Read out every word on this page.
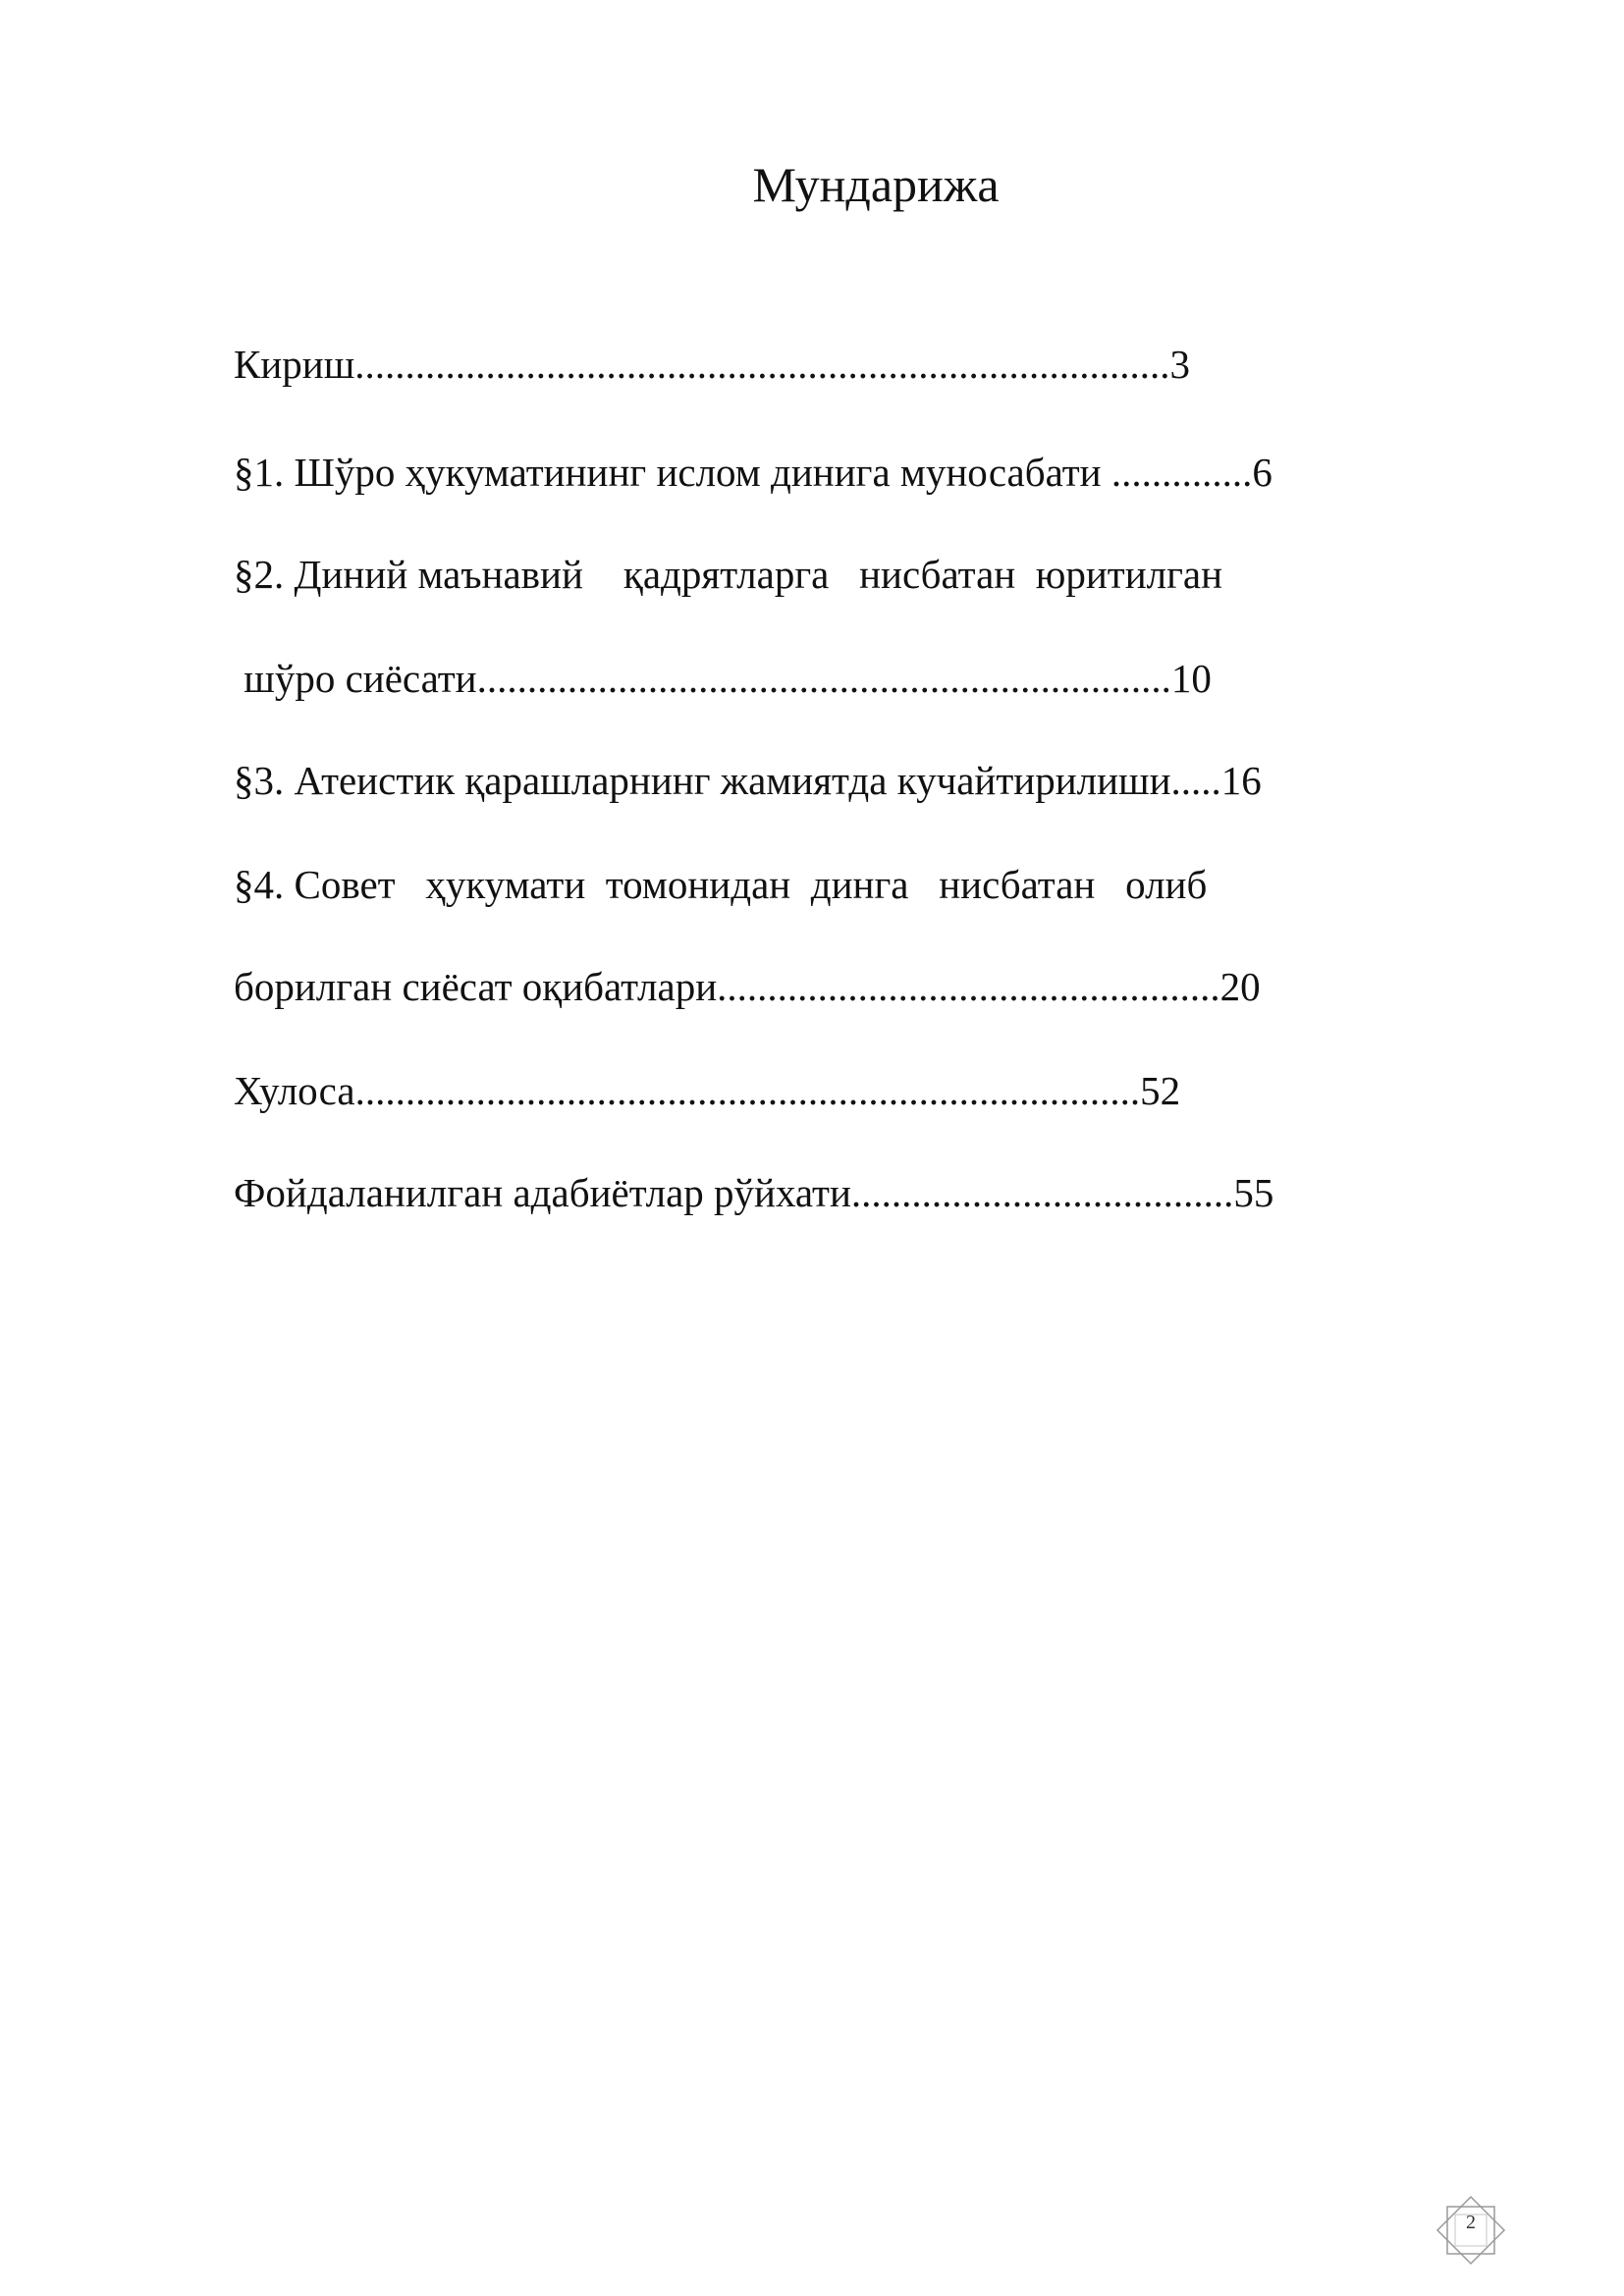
Мундарижа
Кириш.................................................................................3
§1. Шўро ҳукуматининг ислом динига муносабати ..............6
§2. Диний маънавий    қадрятларга   нисбатан  юритилган
шўро сиёсати.....................................................................10
§3. Атеистик қарашларнинг жамиятда кучайтирилиши.....16
§4. Совет   ҳукумати  томонидан  динга   нисбатан   олиб
борилган сиёсат оқибатлари..................................................20
Хулоса..............................................................................52
Фойдаланилган адабиётлар рўйхати......................................55
2
